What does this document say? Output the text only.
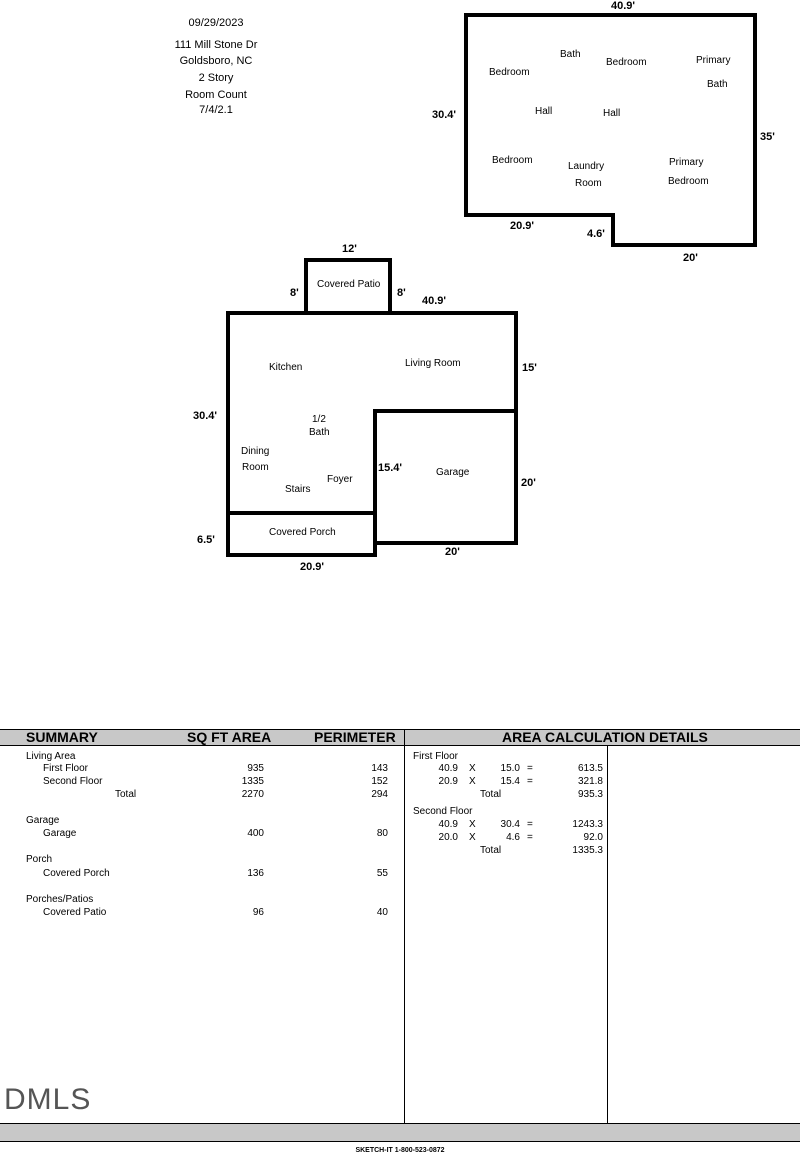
09/29/2023
111 Mill Stone Dr
Goldsboro, NC
2 Story
Room Count
7/4/2.1
40.9'
30.4'
35'
20.9'
4.6'
20'
Bath
Bedroom
Bedroom	Primary
Bath
Hall	Hall
Bedroom
Laundry
Room
Primary
Bedroom
12'
8'	8'
40.9'
15'
30.4'
15.4'
20'
20'
6.5'
20.9'
Covered Patio
Kitchen	Living Room
1/2
Bath
Dining
Room
Foyer
Stairs
Garage
Covered Porch
SUMMARY	SQ FT AREA	PERIMETER	AREA CALCULATION DETAILS
Living Area
First Floor	935	143
Second Floor	1335	152
Total	2270	294
Garage
Garage	400	80
Porch
Covered Porch	136	55
Porches/Patios
Covered Patio	96	40
First Floor
40.9 X	15.0 =	613.5
20.9 X	15.4 =	321.8
Total	935.3
Second Floor
40.9 X	30.4 =	1243.3
20.0 X	4.6 =	92.0
Total	1335.3
DMLS
SKETCH-IT 1-800-523-0872
